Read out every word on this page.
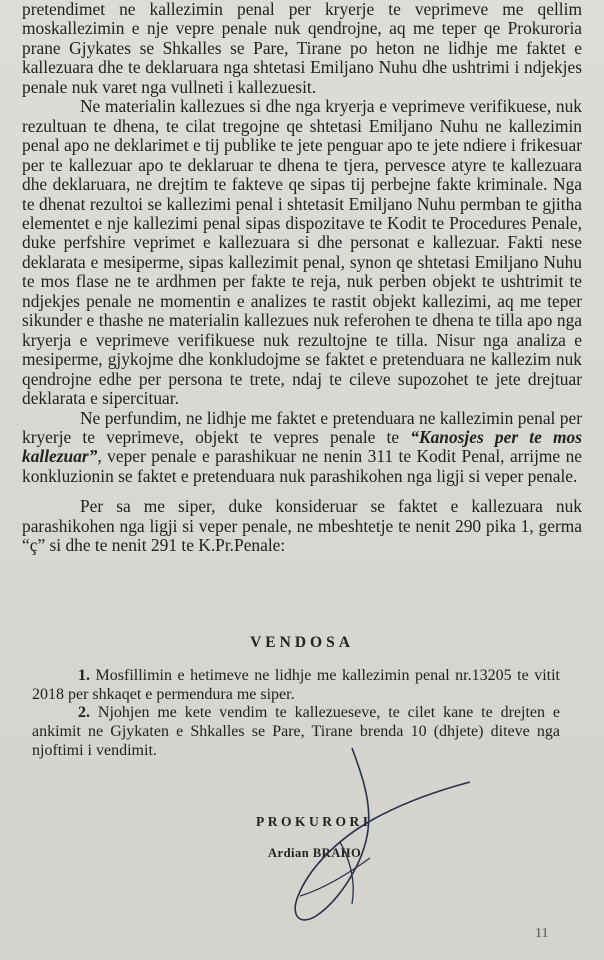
pretendimet ne kallezimin penal per kryerje te veprimeve me qellim moskallezimin e nje vepre penale nuk qendrojne, aq me teper qe Prokuroria prane Gjykates se Shkalles se Pare, Tirane po heton ne lidhje me faktet e kallezuara dhe te deklaruara nga shtetasi Emiljano Nuhu dhe ushtrimi i ndjekjes penale nuk varet nga vullneti i kallezuesit.

Ne materialin kallezues si dhe nga kryerja e veprimeve verifikuese, nuk rezultuan te dhena, te cilat tregojne qe shtetasi Emiljano Nuhu ne kallezimin penal apo ne deklarimet e tij publike te jete penguar apo te jete ndiere i frikesuar per te kallezuar apo te deklaruar te dhena te tjera, pervesce atyre te kallezuara dhe deklaruara, ne drejtim te fakteve qe sipas tij perbejne fakte kriminale. Nga te dhenat rezultoi se kallezimi penal i shtetasit Emiljano Nuhu permban te gjitha elementet e nje kallezimi penal sipas dispozitave te Kodit te Procedures Penale, duke perfshire veprimet e kallezuara si dhe personat e kallezuar. Fakti nese deklarata e mesiperme, sipas kallezimit penal, synon qe shtetasi Emiljano Nuhu te mos flase ne te ardhmen per fakte te reja, nuk perben objekt te ushtrimit te ndjekjes penale ne momentin e analizes te rastit objekt kallezimi, aq me teper sikunder e thashe ne materialin kallezues nuk referohen te dhena te tilla apo nga kryerja e veprimeve verifikuese nuk rezultojne te tilla. Nisur nga analiza e mesiperme, gjykojme dhe konkludojme se faktet e pretenduara ne kallezim nuk qendrojne edhe per persona te trete, ndaj te cileve supozohet te jete drejtuar deklarata e sipercituar.

Ne perfundim, ne lidhje me faktet e pretenduara ne kallezimin penal per kryerje te veprimeve, objekt te vepres penale te “Kanosjes per te mos kallezuar”, veper penale e parashikuar ne nenin 311 te Kodit Penal, arrijme ne konkluzionin se faktet e pretenduara nuk parashikohen nga ligji si veper penale.

Per sa me siper, duke konsideruar se faktet e kallezuara nuk parashikohen nga ligji si veper penale, ne mbeshtetje te nenit 290 pika 1, germa “ç” si dhe te nenit 291 te K.Pr.Penale:

VENDOSA
1. Mosfillimin e hetimeve ne lidhje me kallezimin penal nr.13205 te vitit 2018 per shkaqet e permendura me siper.
2. Njohjen me kete vendim te kallezueseve, te cilet kane te drejten e ankimit ne Gjykaten e Shkalles se Pare, Tirane brenda 10 (dhjete) diteve nga njoftimi i vendimit.
PROKURORI
Ardian BRAHO
11
